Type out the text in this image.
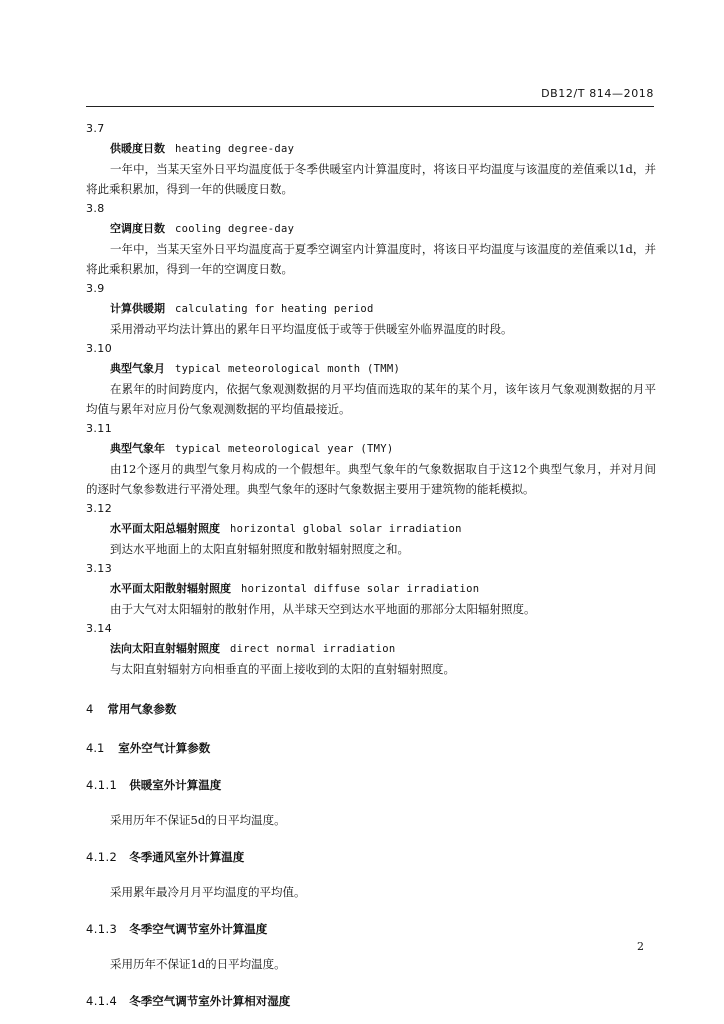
DB12/T 814—2018
3.7
供暖度日数 heating degree-day

一年中，当某天室外日平均温度低于冬季供暖室内计算温度时，将该日平均温度与该温度的差值乘以1d，并将此乘积累加，得到一年的供暖度日数。

3.8
空调度日数 cooling degree-day

一年中，当某天室外日平均温度高于夏季空调室内计算温度时，将该日平均温度与该温度的差值乘以1d，并将此乘积累加，得到一年的空调度日数。

3.9
计算供暖期 calculating for heating period

采用滑动平均法计算出的累年日平均温度低于或等于供暖室外临界温度的时段。

3.10
典型气象月 typical meteorological month (TMM)

在累年的时间跨度内，依据气象观测数据的月平均值而选取的某年的某个月，该年该月气象观测数据的月平均值与累年对应月份气象观测数据的平均值最接近。

3.11
典型气象年 typical meteorological year (TMY)

由12个逐月的典型气象月构成的一个假想年。典型气象年的气象数据取自于这12个典型气象月，并对月间的逐时气象参数进行平滑处理。典型气象年的逐时气象数据主要用于建筑物的能耗模拟。

3.12
水平面太阳总辐射照度 horizontal global solar irradiation

到达水平地面上的太阳直射辐射照度和散射辐射照度之和。

3.13
水平面太阳散射辐射照度 horizontal diffuse solar irradiation

由于大气对太阳辐射的散射作用，从半球天空到达水平地面的那部分太阳辐射照度。

3.14
法向太阳直射辐射照度 direct normal irradiation

与太阳直射辐射方向相垂直的平面上接收到的太阳的直射辐射照度。

4 常用气象参数
4.1 室外空气计算参数
4.1.1 供暖室外计算温度

采用历年不保证5d的日平均温度。

4.1.2 冬季通风室外计算温度

采用累年最冷月月平均温度的平均值。

4.1.3 冬季空气调节室外计算温度

采用历年不保证1d的日平均温度。

4.1.4 冬季空气调节室外计算相对湿度
2
